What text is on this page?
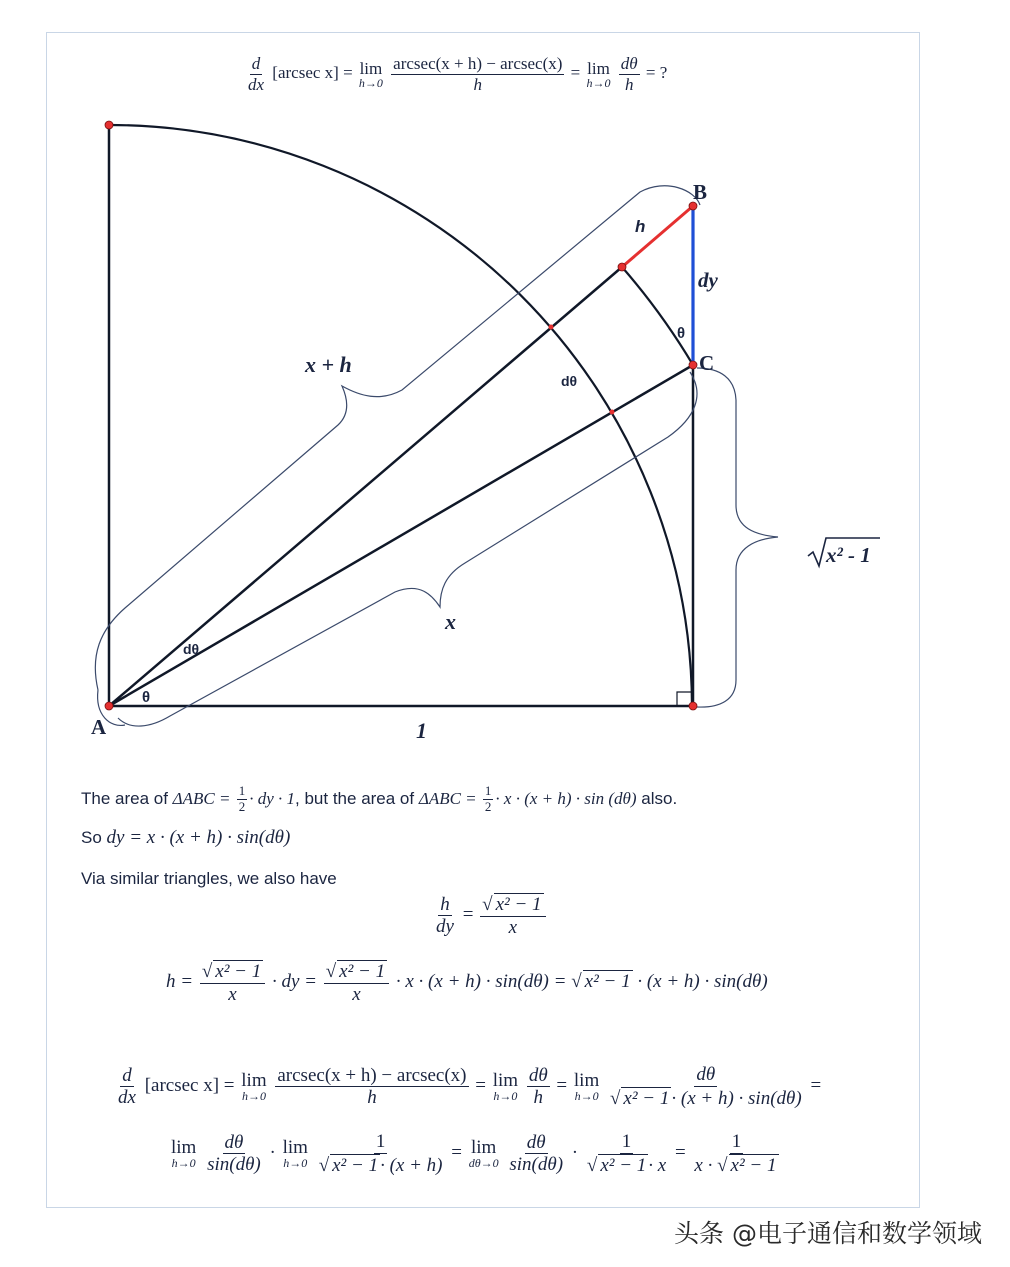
$\frac{d}{dx} [arcsec$ x] = lim
h→0
$\frac{\text{arcsec(x + h) − arcsec(x)}}{h} = \lim$
h→0
$\frac{d\theta}{h}$ = ?
A
B
C
h
dy
θ
dθ
x + h
x
1
dθ
θ
x² - 1
The area of $\Delta ABC = \frac{1}{2}$ · dy · 1, but the area of $\Delta ABC = \frac{1}{2} \cdot x \cdot (x + h) \cdot \sin (d\theta)$ also.
So dy = x · (x + h) · sin(dθ)
Via similar triangles, we also have
$\frac{h}{dy} = \frac{\text{√ x² − 1}}{x}$
$h = \frac{\text{√ x² − 1}}{x}$ · dy = $\frac{\text{√ x² − 1}}{x} \cdot x \cdot (x + h) \cdot \sin(d\theta)$ = √ x² − 1 · (x + h) · sin(dθ)
$\frac{d}{dx} [arcsec$ x] = lim
h→0
$\frac{\text{arcsec(x + h) − arcsec(x)}}{h} = \lim$
h→0
$\frac{d\theta}{h} = \lim$
h→0
$\frac{d\theta}{\text{√ x² − 1 · (x + h) · sin(dθ)}}$ =
lim
h→0
$\frac{d\theta}{\sin(d\theta)} \cdot \lim$
h→0
$\frac{1}{\text{√ x² − 1 · (x + h)}} = \lim$
dθ→0
$\frac{d\theta}{\sin(d\theta)} \cdot \frac{1}{\text{√ x² − 1 · x}} = \frac{1}{\text{x · √ x² − 1}}$
头条 @电子通信和数学领域
